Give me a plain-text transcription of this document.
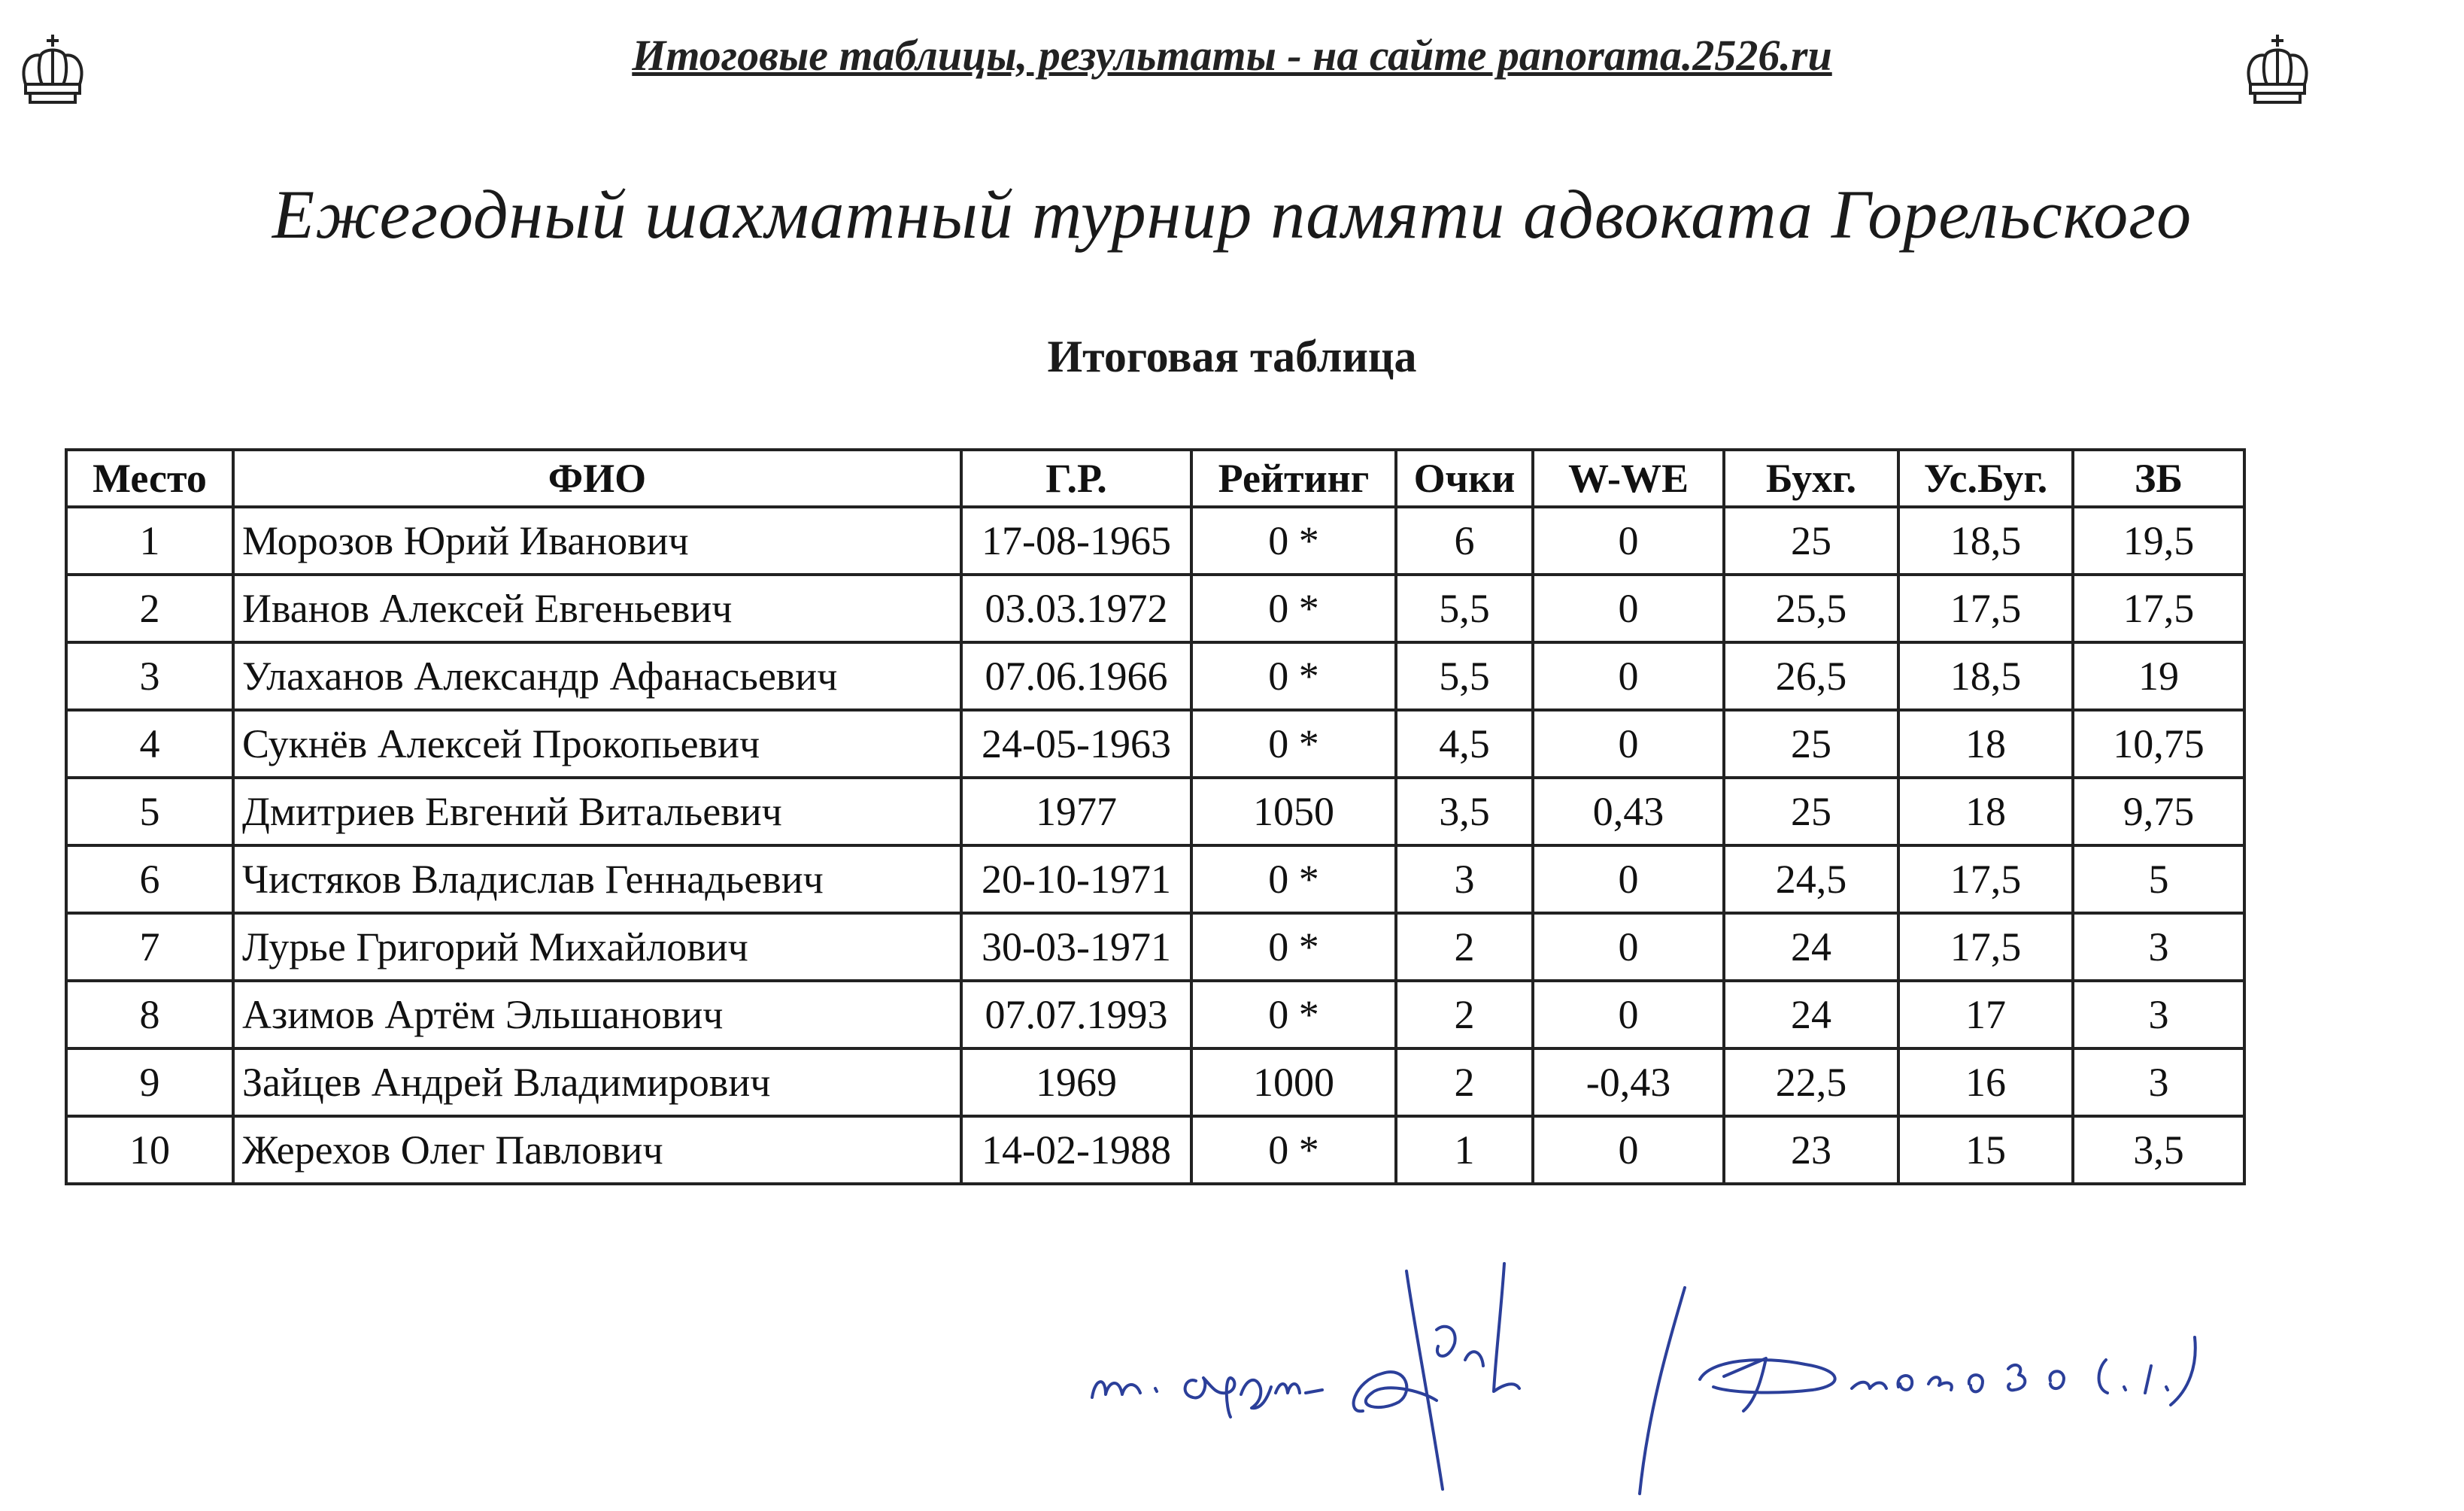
Итоговые таблицы, результаты - на сайте panorama.2526.ru
Ежегодный шахматный турнир памяти адвоката Горельского
Итоговая таблица
Место	ФИО	Г.Р.	Рейтинг	Очки	W-WE	Бухг.	Ус.Буг.	ЗБ
1	Морозов Юрий Иванович	17-08-1965	0 *	6	0	25	18,5	19,5
2	Иванов Алексей Евгеньевич	03.03.1972	0 *	5,5	0	25,5	17,5	17,5
3	Улаханов Александр Афанасьевич	07.06.1966	0 *	5,5	0	26,5	18,5	19
4	Сукнёв Алексей Прокопьевич	24-05-1963	0 *	4,5	0	25	18	10,75
5	Дмитриев Евгений Витальевич	1977	1050	3,5	0,43	25	18	9,75
6	Чистяков Владислав Геннадьевич	20-10-1971	0 *	3	0	24,5	17,5	5
7	Лурье Григорий Михайлович	30-03-1971	0 *	2	0	24	17,5	3
8	Азимов Артём Эльшанович	07.07.1993	0 *	2	0	24	17	3
9	Зайцев Андрей Владимирович	1969	1000	2	-0,43	22,5	16	3
10	Жерехов Олег Павлович	14-02-1988	0 *	1	0	23	15	3,5
